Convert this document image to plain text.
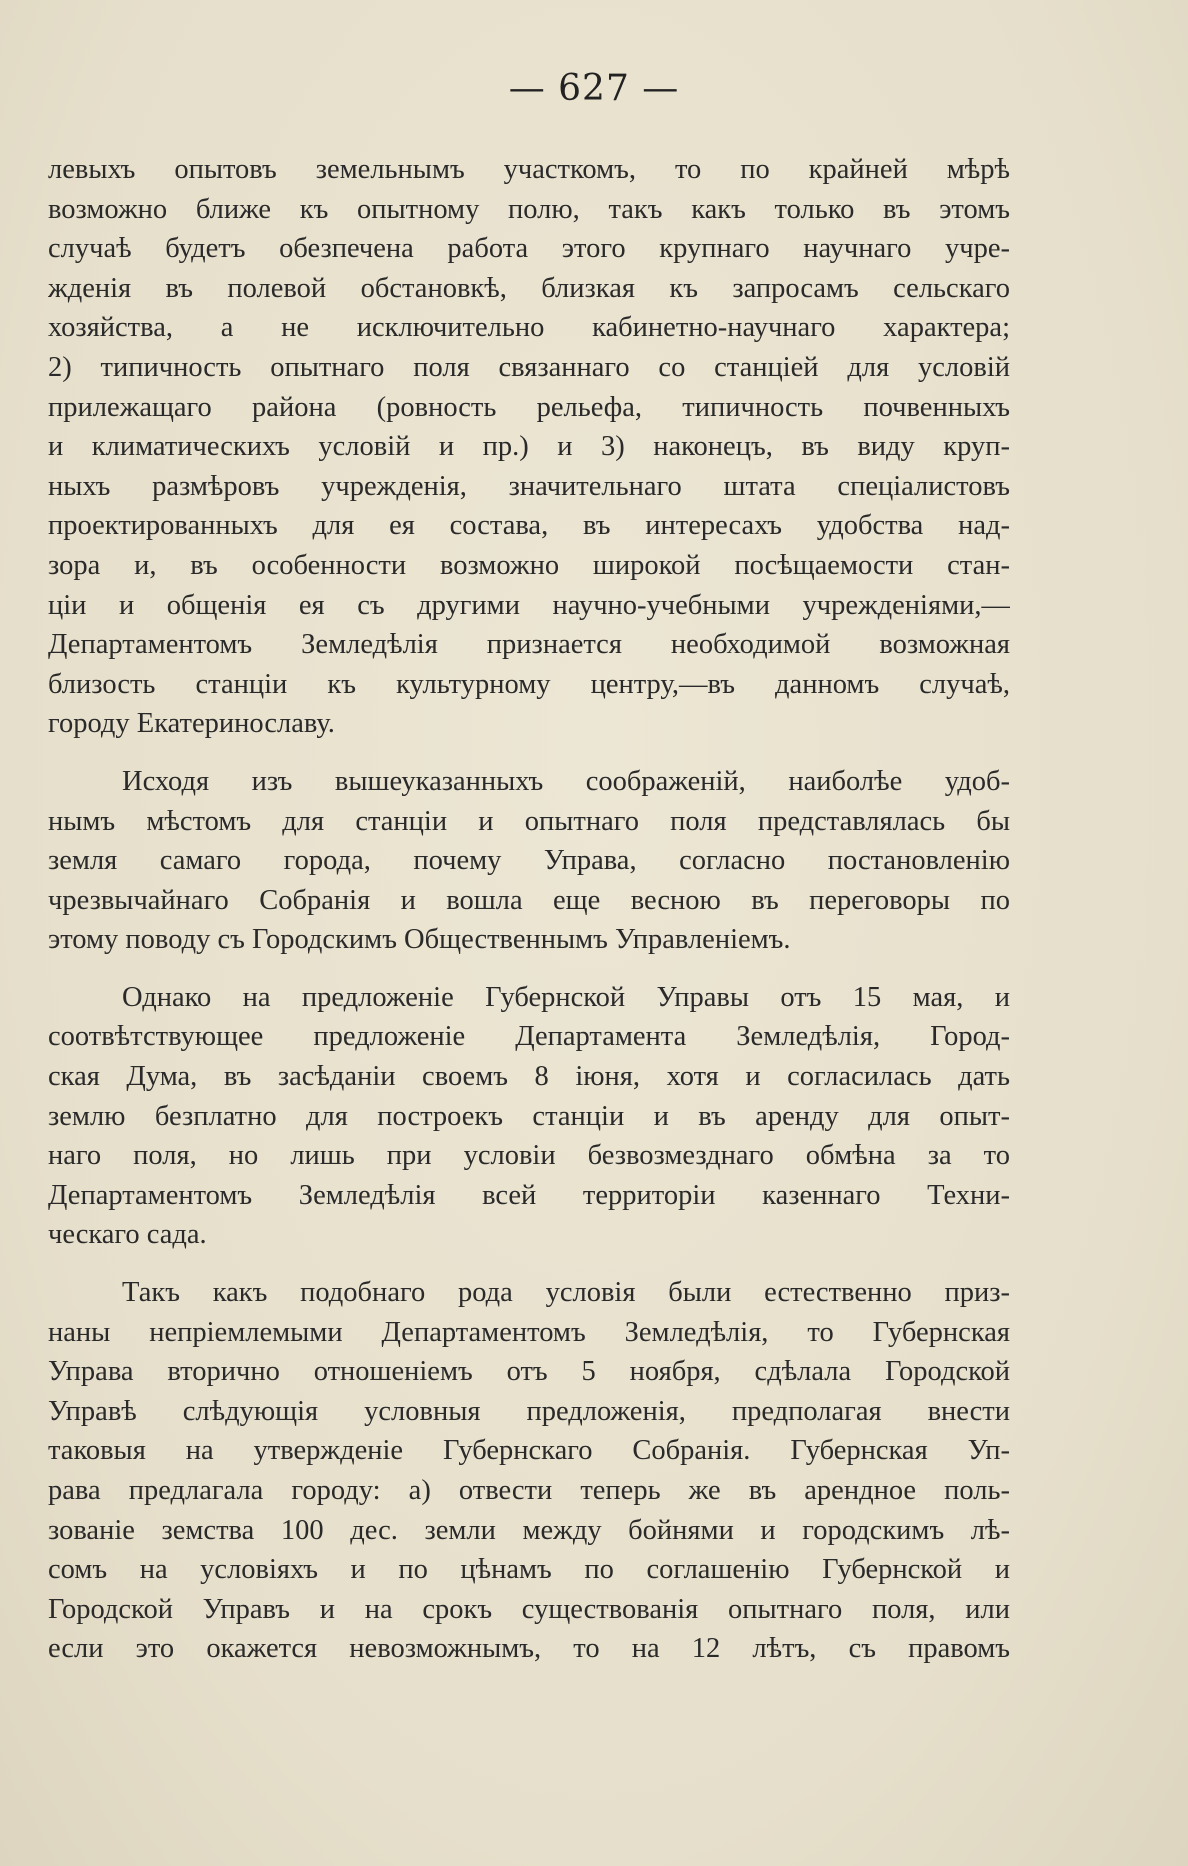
— 627 —

левыхъ опытовъ земельнымъ участкомъ, то по крайней мѣрѣ
возможно ближе къ опытному полю, такъ какъ только въ этомъ
случаѣ будетъ обезпечена работа этого крупнаго научнаго учре-
жденія въ полевой обстановкѣ, близкая къ запросамъ сельскаго
хозяйства, а не исключительно кабинетно-научнаго характера;
2) типичность опытнаго поля связаннаго со станціей для условій
прилежащаго района (ровность рельефа, типичность почвенныхъ
и климатическихъ условій и пр.) и 3) наконецъ, въ виду круп-
ныхъ размѣровъ учрежденія, значительнаго штата спеціалистовъ
проектированныхъ для ея состава, въ интересахъ удобства над-
зора и, въ особенности возможно широкой посѣщаемости стан-
ціи и общенія ея съ другими научно-учебными учрежденіями,—
Департаментомъ Земледѣлія признается необходимой возможная
близость станціи къ культурному центру,—въ данномъ случаѣ,
городу Екатеринославу.

Исходя изъ вышеуказанныхъ соображеній, наиболѣе удоб-
нымъ мѣстомъ для станціи и опытнаго поля представлялась бы
земля самаго города, почему Управа, согласно постановленію
чрезвычайнаго Собранія и вошла еще весною въ переговоры по
этому поводу съ Городскимъ Общественнымъ Управленіемъ.

Однако на предложеніе Губернской Управы отъ 15 мая, и
соотвѣтствующее предложеніе Департамента Земледѣлія, Город-
ская Дума, въ засѣданіи своемъ 8 іюня, хотя и согласилась дать
землю безплатно для построекъ станціи и въ аренду для опыт-
наго поля, но лишь при условіи безвозмезднаго обмѣна за то
Департаментомъ Земледѣлія всей территоріи казеннаго Техни-
ческаго сада.

Такъ какъ подобнаго рода условія были естественно приз-
наны непріемлемыми Департаментомъ Земледѣлія, то Губернская
Управа вторично отношеніемъ отъ 5 ноября, сдѣлала Городской
Управѣ слѣдующія условныя предложенія, предполагая внести
таковыя на утвержденіе Губернскаго Собранія. Губернская Уп-
рава предлагала городу: а) отвести теперь же въ арендное поль-
зованіе земства 100 дес. земли между бойнями и городскимъ лѣ-
сомъ на условіяхъ и по цѣнамъ по соглашенію Губернской и
Городской Управъ и на срокъ существованія опытнаго поля, или
если это окажется невозможнымъ, то на 12 лѣтъ, съ правомъ
